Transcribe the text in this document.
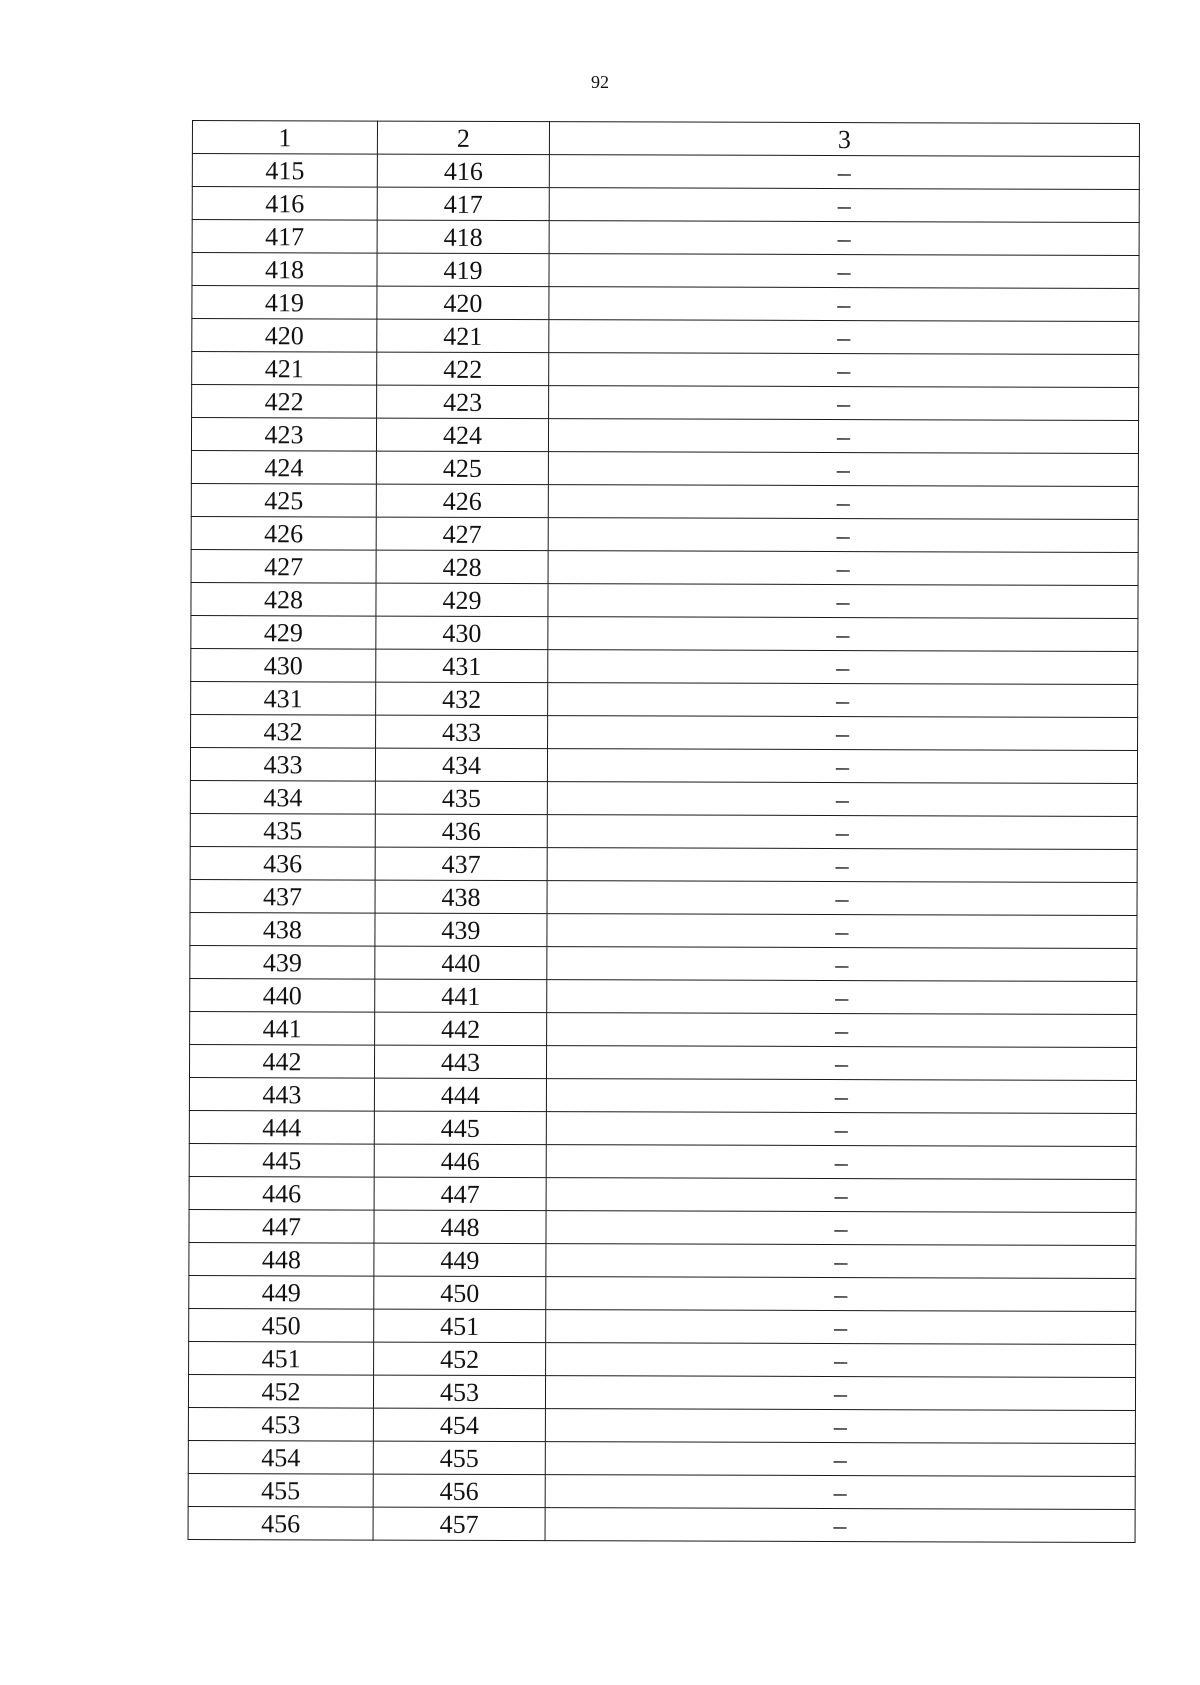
92
1	2	3
415	416	–
416	417	–
417	418	–
418	419	–
419	420	–
420	421	–
421	422	–
422	423	–
423	424	–
424	425	–
425	426	–
426	427	–
427	428	–
428	429	–
429	430	–
430	431	–
431	432	–
432	433	–
433	434	–
434	435	–
435	436	–
436	437	–
437	438	–
438	439	–
439	440	–
440	441	–
441	442	–
442	443	–
443	444	–
444	445	–
445	446	–
446	447	–
447	448	–
448	449	–
449	450	–
450	451	–
451	452	–
452	453	–
453	454	–
454	455	–
455	456	–
456	457	–
